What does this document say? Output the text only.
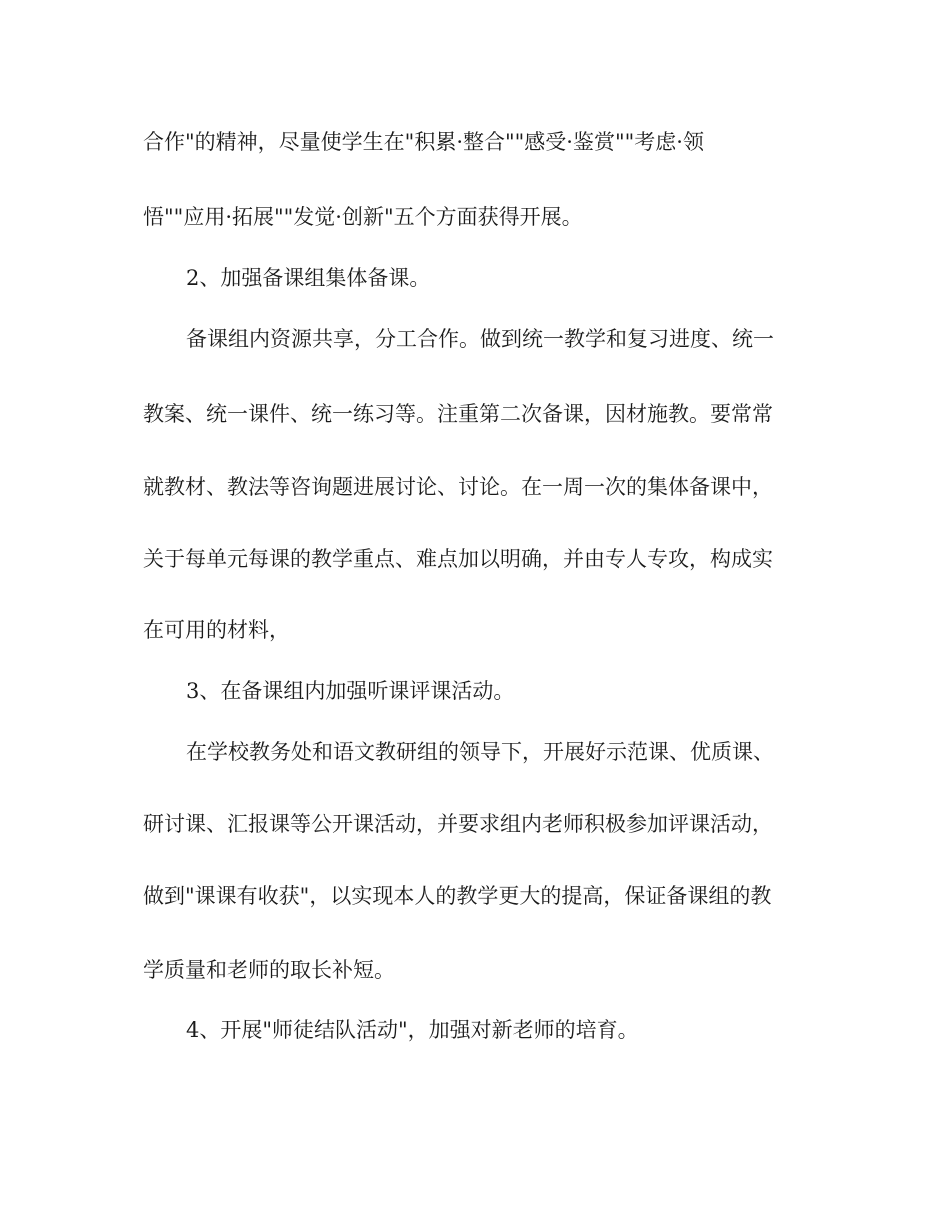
合作"的精神，尽量使学生在"积累·整合""感受·鉴赏""考虑·领
悟""应用·拓展""发觉·创新"五个方面获得开展。
2、加强备课组集体备课。
备课组内资源共享，分工合作。做到统一教学和复习进度、统一
教案、统一课件、统一练习等。注重第二次备课，因材施教。要常常
就教材、教法等咨询题进展讨论、讨论。在一周一次的集体备课中，
关于每单元每课的教学重点、难点加以明确，并由专人专攻，构成实
在可用的材料，
3、在备课组内加强听课评课活动。
在学校教务处和语文教研组的领导下，开展好示范课、优质课、
研讨课、汇报课等公开课活动，并要求组内老师积极参加评课活动，
做到"课课有收获"，以实现本人的教学更大的提高，保证备课组的教
学质量和老师的取长补短。
4、开展"师徒结队活动"，加强对新老师的培育。
